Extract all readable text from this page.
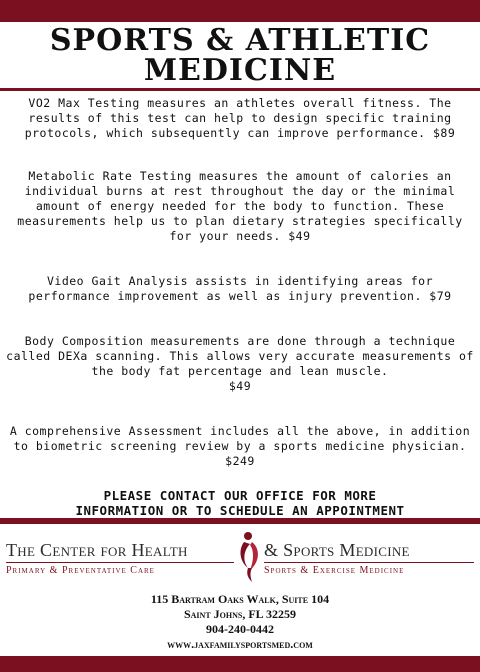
SPORTS & ATHLETIC
MEDICINE

VO2 Max Testing measures an athletes overall fitness. The results of this test can help to design specific training protocols, which subsequently can improve performance. $89

Metabolic Rate Testing measures the amount of calories an individual burns at rest throughout the day or the minimal amount of energy needed for the body to function. These measurements help us to plan dietary strategies specifically for your needs. $49

Video Gait Analysis assists in identifying areas for performance improvement as well as injury prevention. $79

Body Composition measurements are done through a technique called DEXa scanning. This allows very accurate measurements of the body fat percentage and lean muscle.
$49

A comprehensive Assessment includes all the above, in addition to biometric screening review by a sports medicine physician.
$249

PLEASE CONTACT OUR OFFICE FOR MORE
INFORMATION OR TO SCHEDULE AN APPOINTMENT
The Center for Health
Primary & Preventative Care
& Sports Medicine
Sports & Exercise Medicine
115 Bartram Oaks Walk, Suite 104
Saint Johns, FL 32259
904-240-0442
www.jaxfamilysportsmed.com
